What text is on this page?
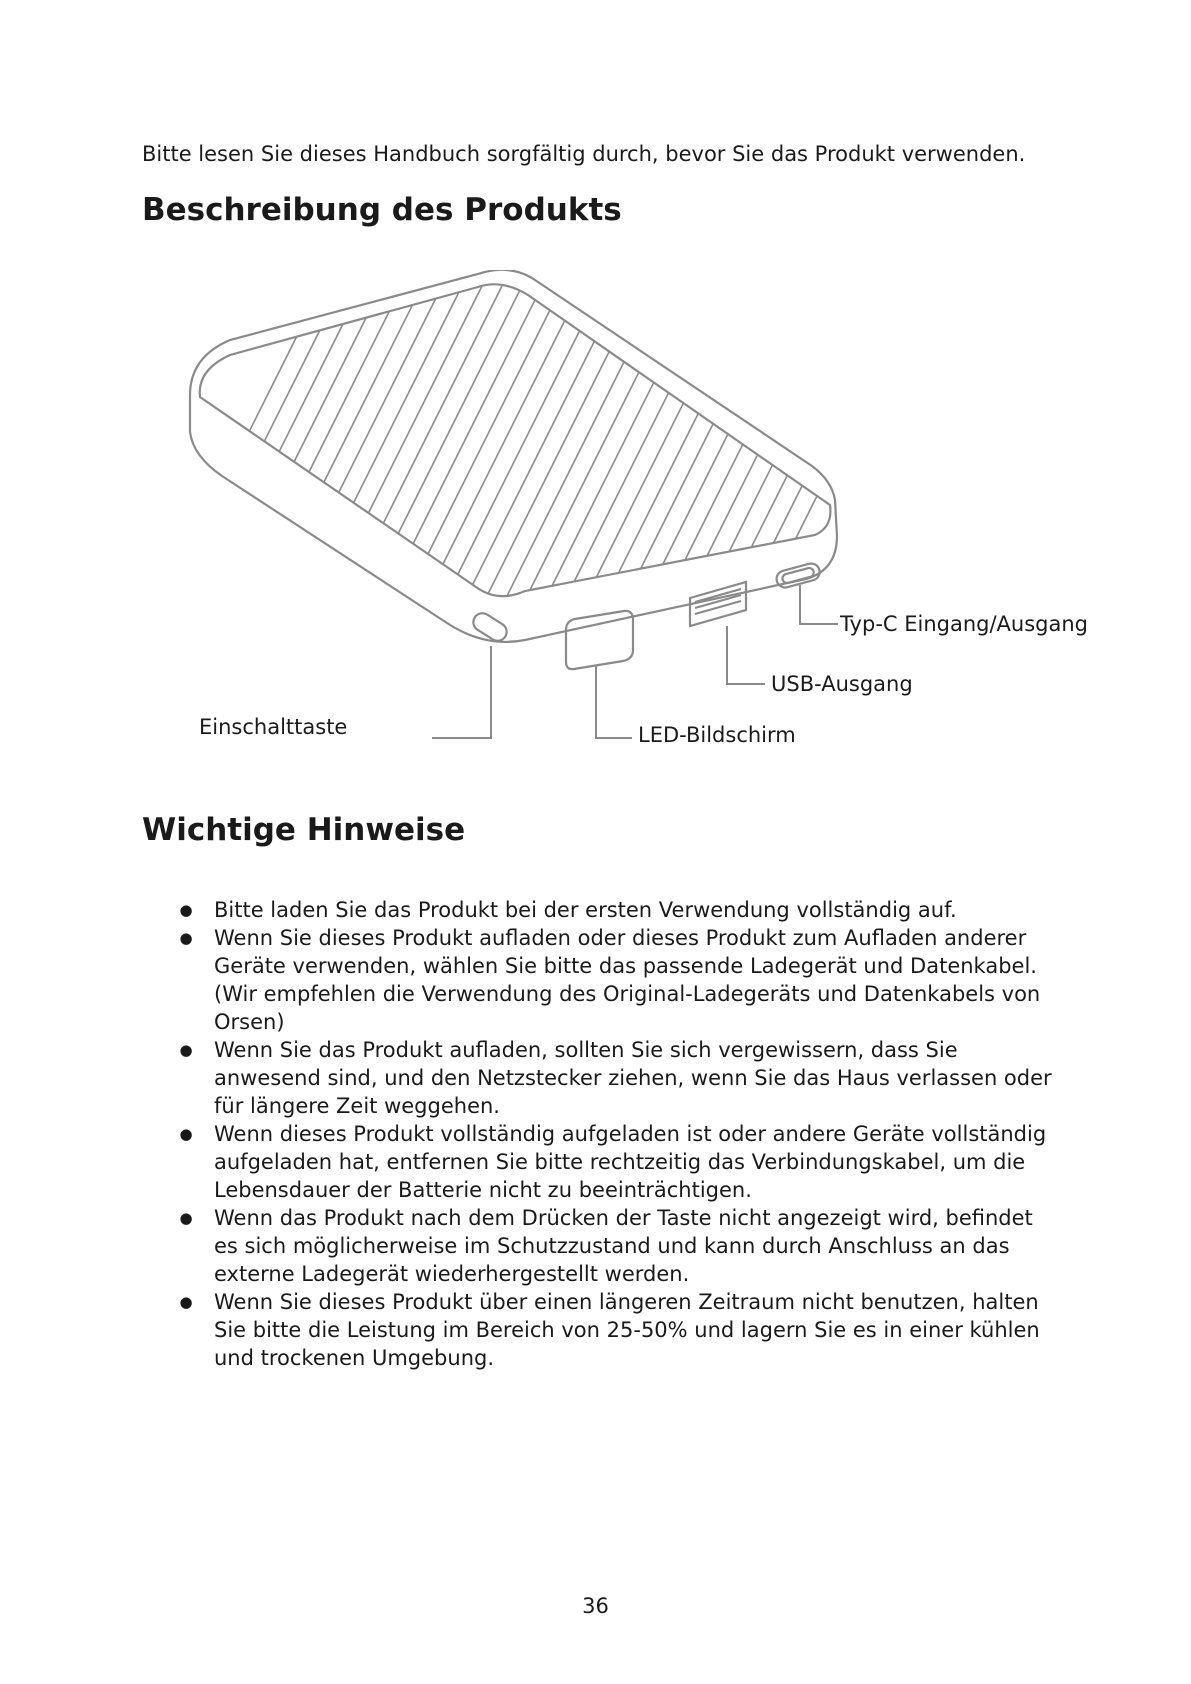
Bitte lesen Sie dieses Handbuch sorgfältig durch, bevor Sie das Produkt verwenden.

Beschreibung des Produkts

Typ-C Eingang/Ausgang

USB-Ausgang

Einschalttaste	LED-Bildschirm

Wichtige Hinweise
● Bitte laden Sie das Produkt bei der ersten Verwendung vollständig auf.
● Wenn Sie dieses Produkt aufladen oder dieses Produkt zum Aufladen anderer Geräte verwenden, wählen Sie bitte das passende Ladegerät und Datenkabel. (Wir empfehlen die Verwendung des Original-Ladegeräts und Datenkabels von Orsen)
● Wenn Sie das Produkt aufladen, sollten Sie sich vergewissern, dass Sie anwesend sind, und den Netzstecker ziehen, wenn Sie das Haus verlassen oder für längere Zeit weggehen.
● Wenn dieses Produkt vollständig aufgeladen ist oder andere Geräte vollständig aufgeladen hat, entfernen Sie bitte rechtzeitig das Verbindungskabel, um die Lebensdauer der Batterie nicht zu beeinträchtigen.
● Wenn das Produkt nach dem Drücken der Taste nicht angezeigt wird, befindet es sich möglicherweise im Schutzzustand und kann durch Anschluss an das externe Ladegerät wiederhergestellt werden.
● Wenn Sie dieses Produkt über einen längeren Zeitraum nicht benutzen, halten Sie bitte die Leistung im Bereich von 25-50% und lagern Sie es in einer kühlen und trockenen Umgebung.

36
